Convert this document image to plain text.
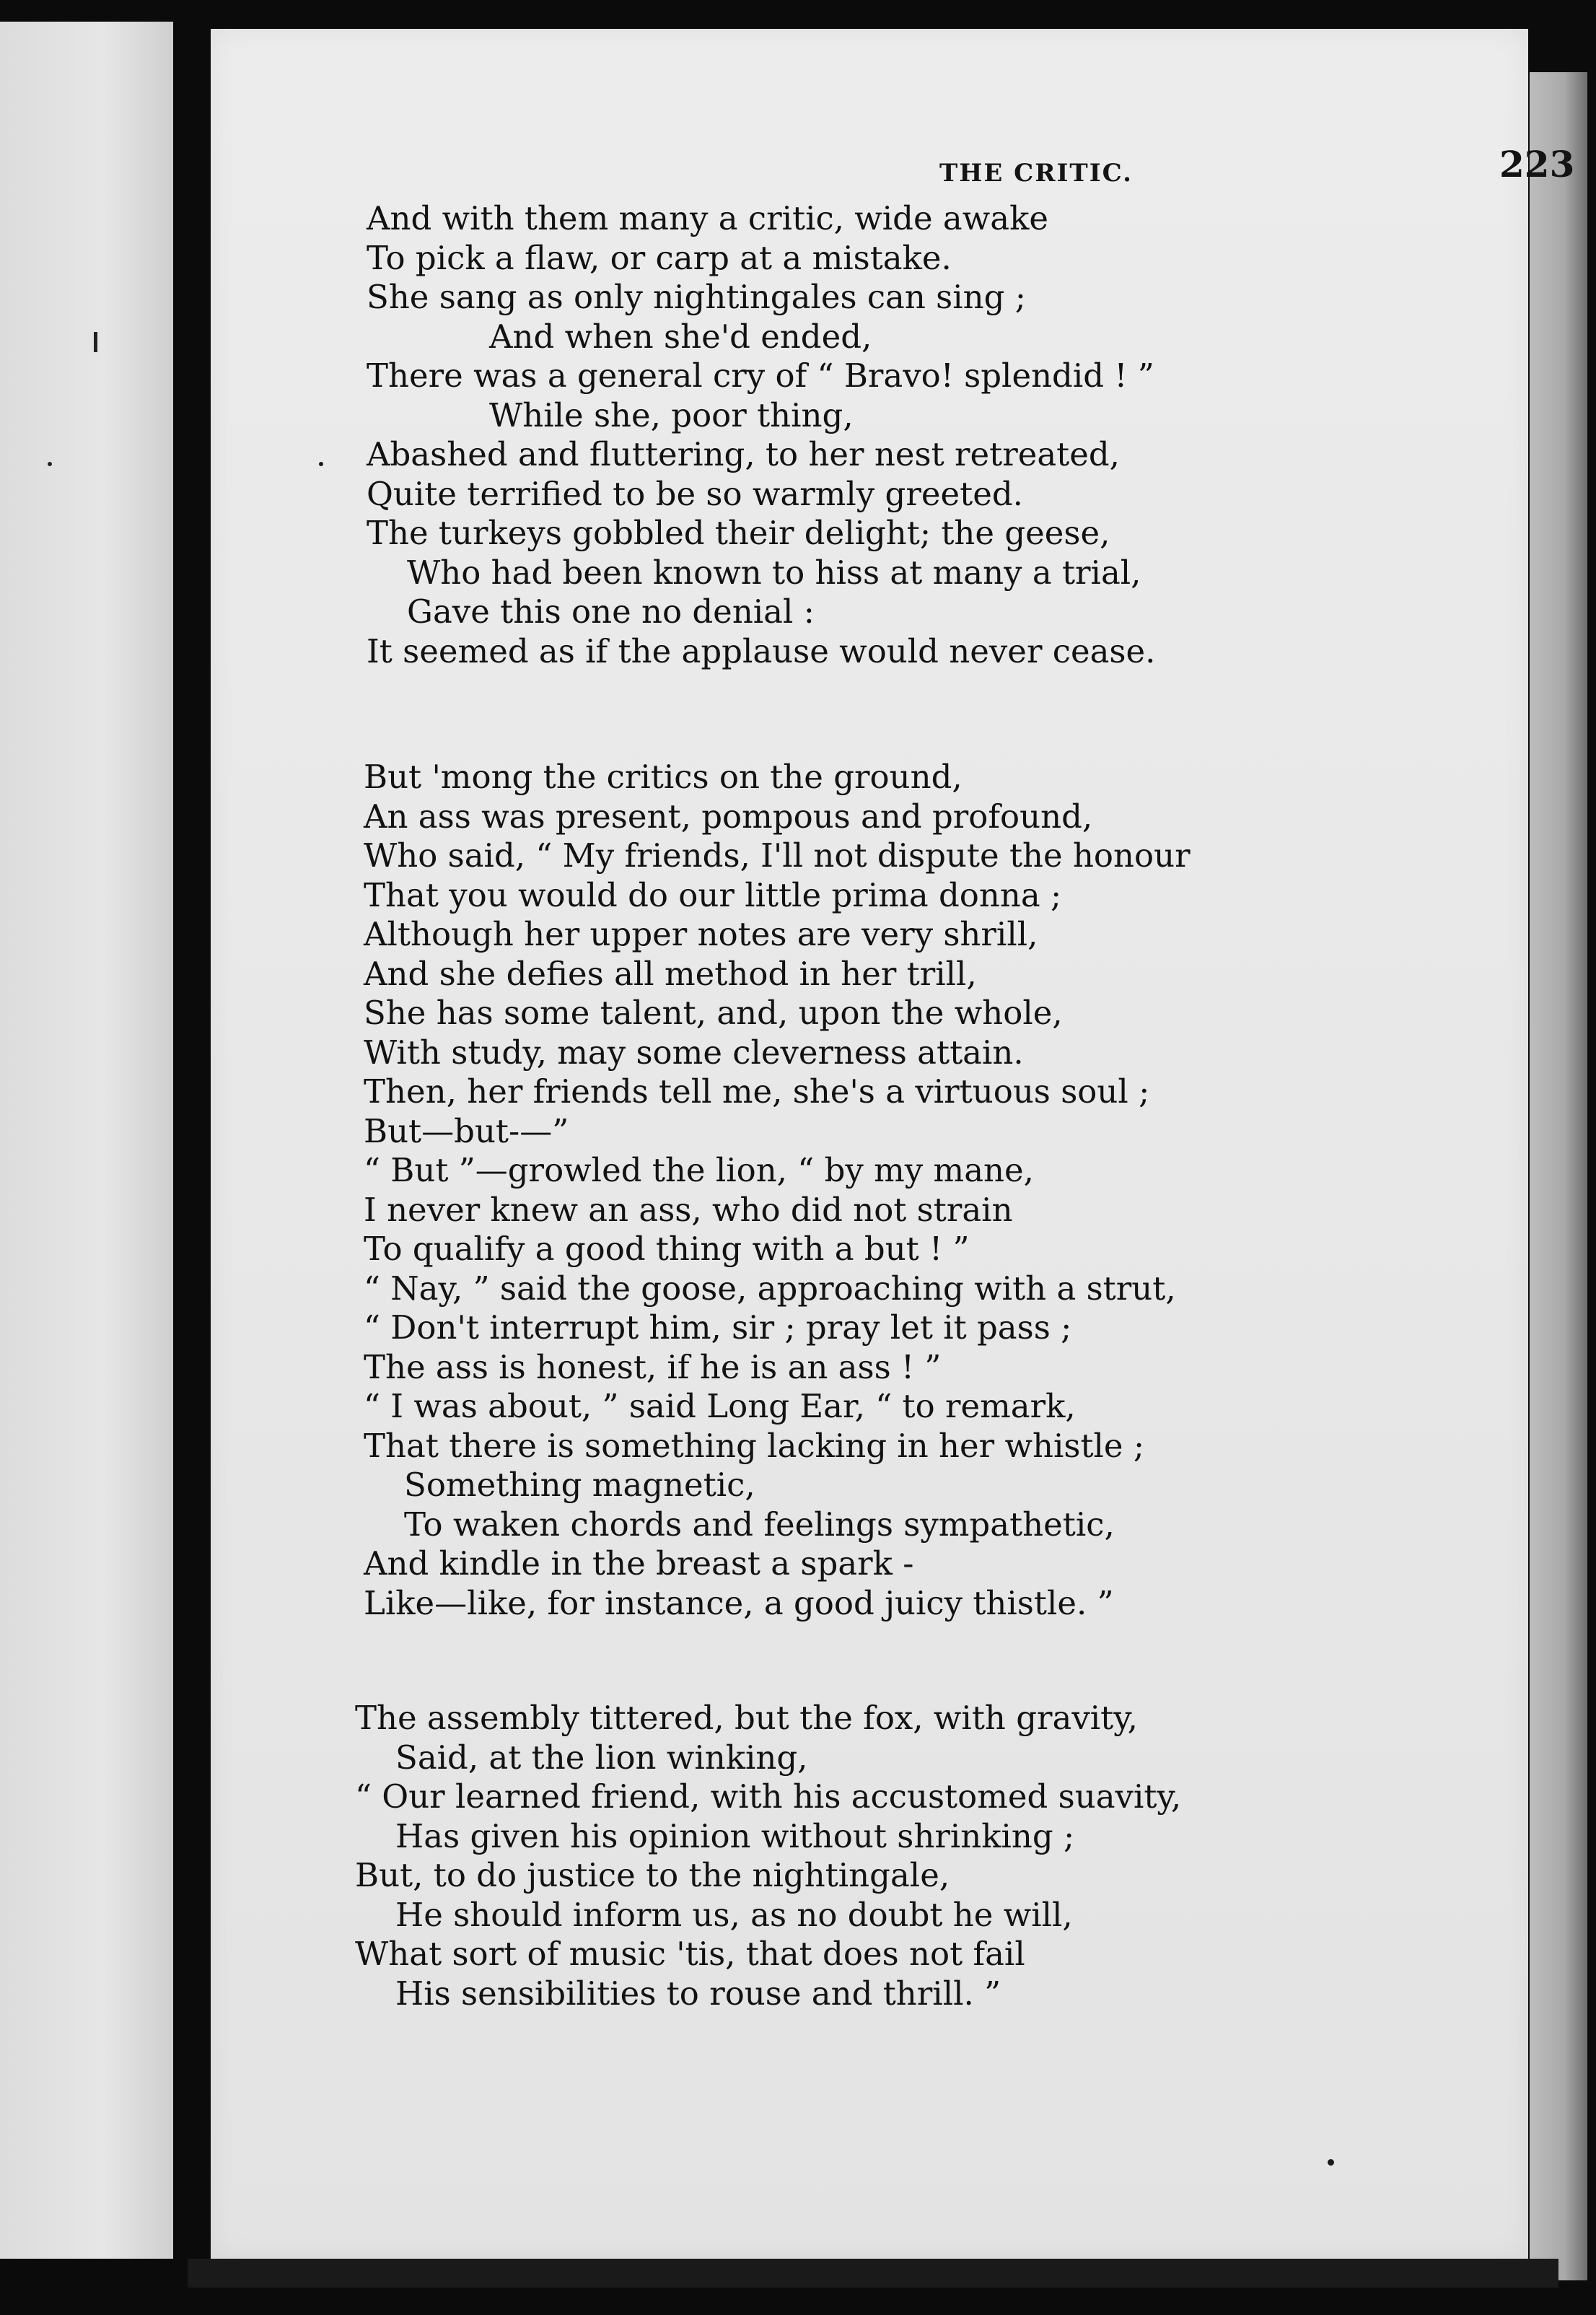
THE CRITIC.	223
And with them many a critic, wide awake
To pick a flaw, or carp at a mistake.
She sang as only nightingales can sing ;
And when she'd ended,
There was a general cry of “ Bravo! splendid ! ”
While she, poor thing,
Abashed and fluttering, to her nest retreated,
Quite terrified to be so warmly greeted.
The turkeys gobbled their delight; the geese,
Who had been known to hiss at many a trial,
Gave this one no denial :
It seemed as if the applause would never cease.
But 'mong the critics on the ground,
An ass was present, pompous and profound,
Who said, “ My friends, I'll not dispute the honour
That you would do our little prima donna ;
Although her upper notes are very shrill,
And she defies all method in her trill,
She has some talent, and, upon the whole,
With study, may some cleverness attain.
Then, her friends tell me, she's a virtuous soul ;
But—but-—”
“ But ”—growled the lion, “ by my mane,
I never knew an ass, who did not strain
To qualify a good thing with a but ! ”
“ Nay, ” said the goose, approaching with a strut,
“ Don't interrupt him, sir ; pray let it pass ;
The ass is honest, if he is an ass ! ”
“ I was about, ” said Long Ear, “ to remark,
That there is something lacking in her whistle ;
Something magnetic,
To waken chords and feelings sympathetic,
And kindle in the breast a spark -
Like—like, for instance, a good juicy thistle. ”
The assembly tittered, but the fox, with gravity,
Said, at the lion winking,
“ Our learned friend, with his accustomed suavity,
Has given his opinion without shrinking ;
But, to do justice to the nightingale,
He should inform us, as no doubt he will,
What sort of music 'tis, that does not fail
His sensibilities to rouse and thrill. ”
